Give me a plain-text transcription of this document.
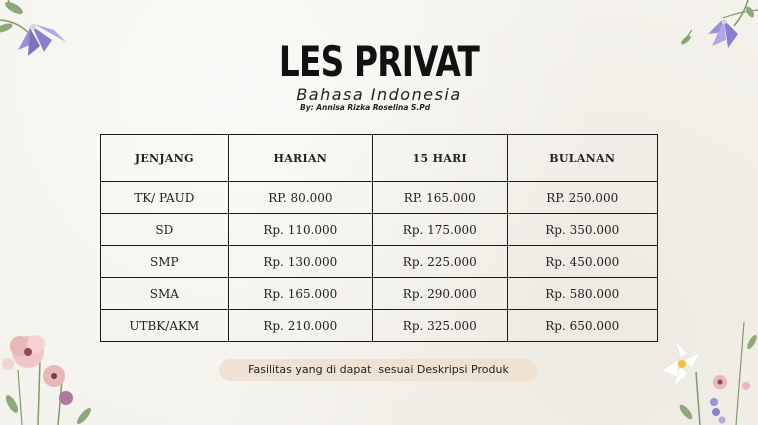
LES PRIVAT
Bahasa Indonesia
By: Annisa Rizka Roselina S.Pd
JENJANG	HARIAN	15 HARI	BULANAN
TK/ PAUD	RP. 80.000	RP. 165.000	RP. 250.000
SD	Rp. 110.000	Rp. 175.000	Rp. 350.000
SMP	Rp. 130.000	Rp. 225.000	Rp. 450.000
SMA	Rp. 165.000	Rp. 290.000	Rp. 580.000
UTBK/AKM	Rp. 210.000	Rp. 325.000	Rp. 650.000
Fasilitas yang di dapat  sesuai Deskripsi Produk
